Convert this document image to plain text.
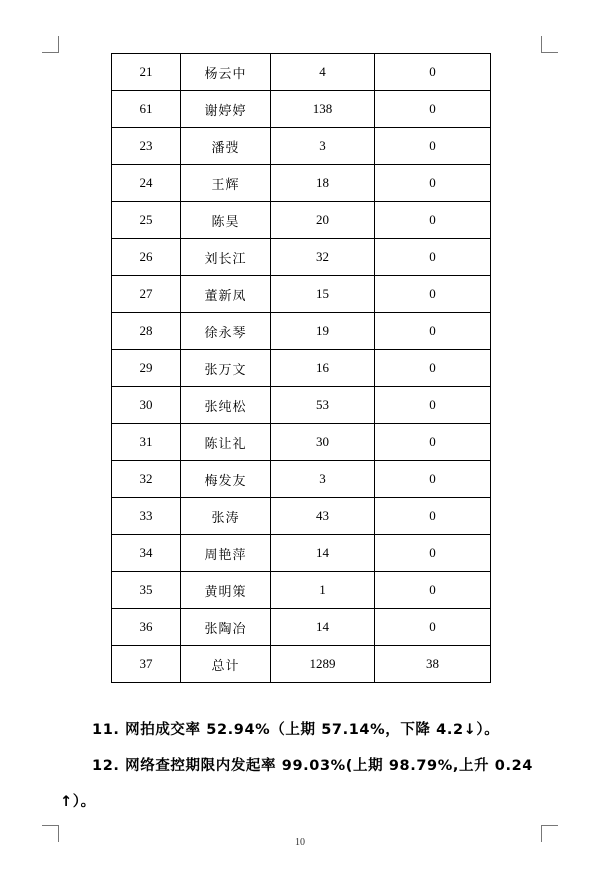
21	杨云中	4	0
61	谢婷婷	138	0
23	潘弢	3	0
24	王辉	18	0
25	陈昊	20	0
26	刘长江	32	0
27	董新凤	15	0
28	徐永琴	19	0
29	张万文	16	0
30	张纯松	53	0
31	陈让礼	30	0
32	梅发友	3	0
33	张涛	43	0
34	周艳萍	14	0
35	黄明策	1	0
36	张陶冶	14	0
37	总计	1289	38
11. 网拍成交率 52.94%（上期 57.14%，下降 4.2↓）。
12. 网络查控期限内发起率 99.03%(上期 98.79%,上升 0.24
↑）。
10
